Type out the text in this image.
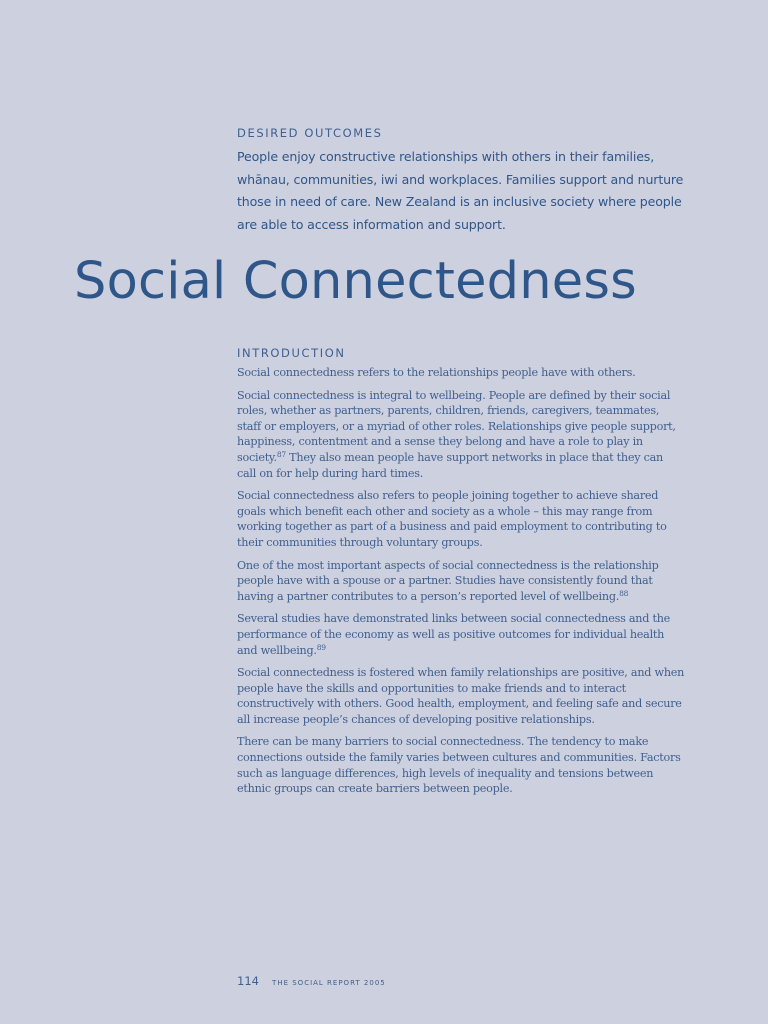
DESIRED OUTCOMES

People enjoy constructive relationships with others in their families, whānau, communities, iwi and workplaces. Families support and nurture those in need of care. New Zealand is an inclusive society where people are able to access information and support.

Social Connectedness
INTRODUCTION

Social connectedness refers to the relationships people have with others.

Social connectedness is integral to wellbeing. People are defined by their social roles, whether as partners, parents, children, friends, caregivers, teammates, staff or employers, or a myriad of other roles. Relationships give people support, happiness, contentment and a sense they belong and have a role to play in society.$^{87}$ They also mean people have support networks in place that they can call on for help during hard times.

Social connectedness also refers to people joining together to achieve shared goals which benefit each other and society as a whole – this may range from working together as part of a business and paid employment to contributing to their communities through voluntary groups.

One of the most important aspects of social connectedness is the relationship people have with a spouse or a partner. Studies have consistently found that having a partner contributes to a person’s reported level of wellbeing.$^{88}$

Several studies have demonstrated links between social connectedness and the performance of the economy as well as positive outcomes for individual health and wellbeing.$^{89}$

Social connectedness is fostered when family relationships are positive, and when people have the skills and opportunities to make friends and to interact constructively with others. Good health, employment, and feeling safe and secure all increase people’s chances of developing positive relationships.

There can be many barriers to social connectedness. The tendency to make connections outside the family varies between cultures and communities. Factors such as language differences, high levels of inequality and tensions between ethnic groups can create barriers between people.

114 THE SOCIAL REPORT 2005
